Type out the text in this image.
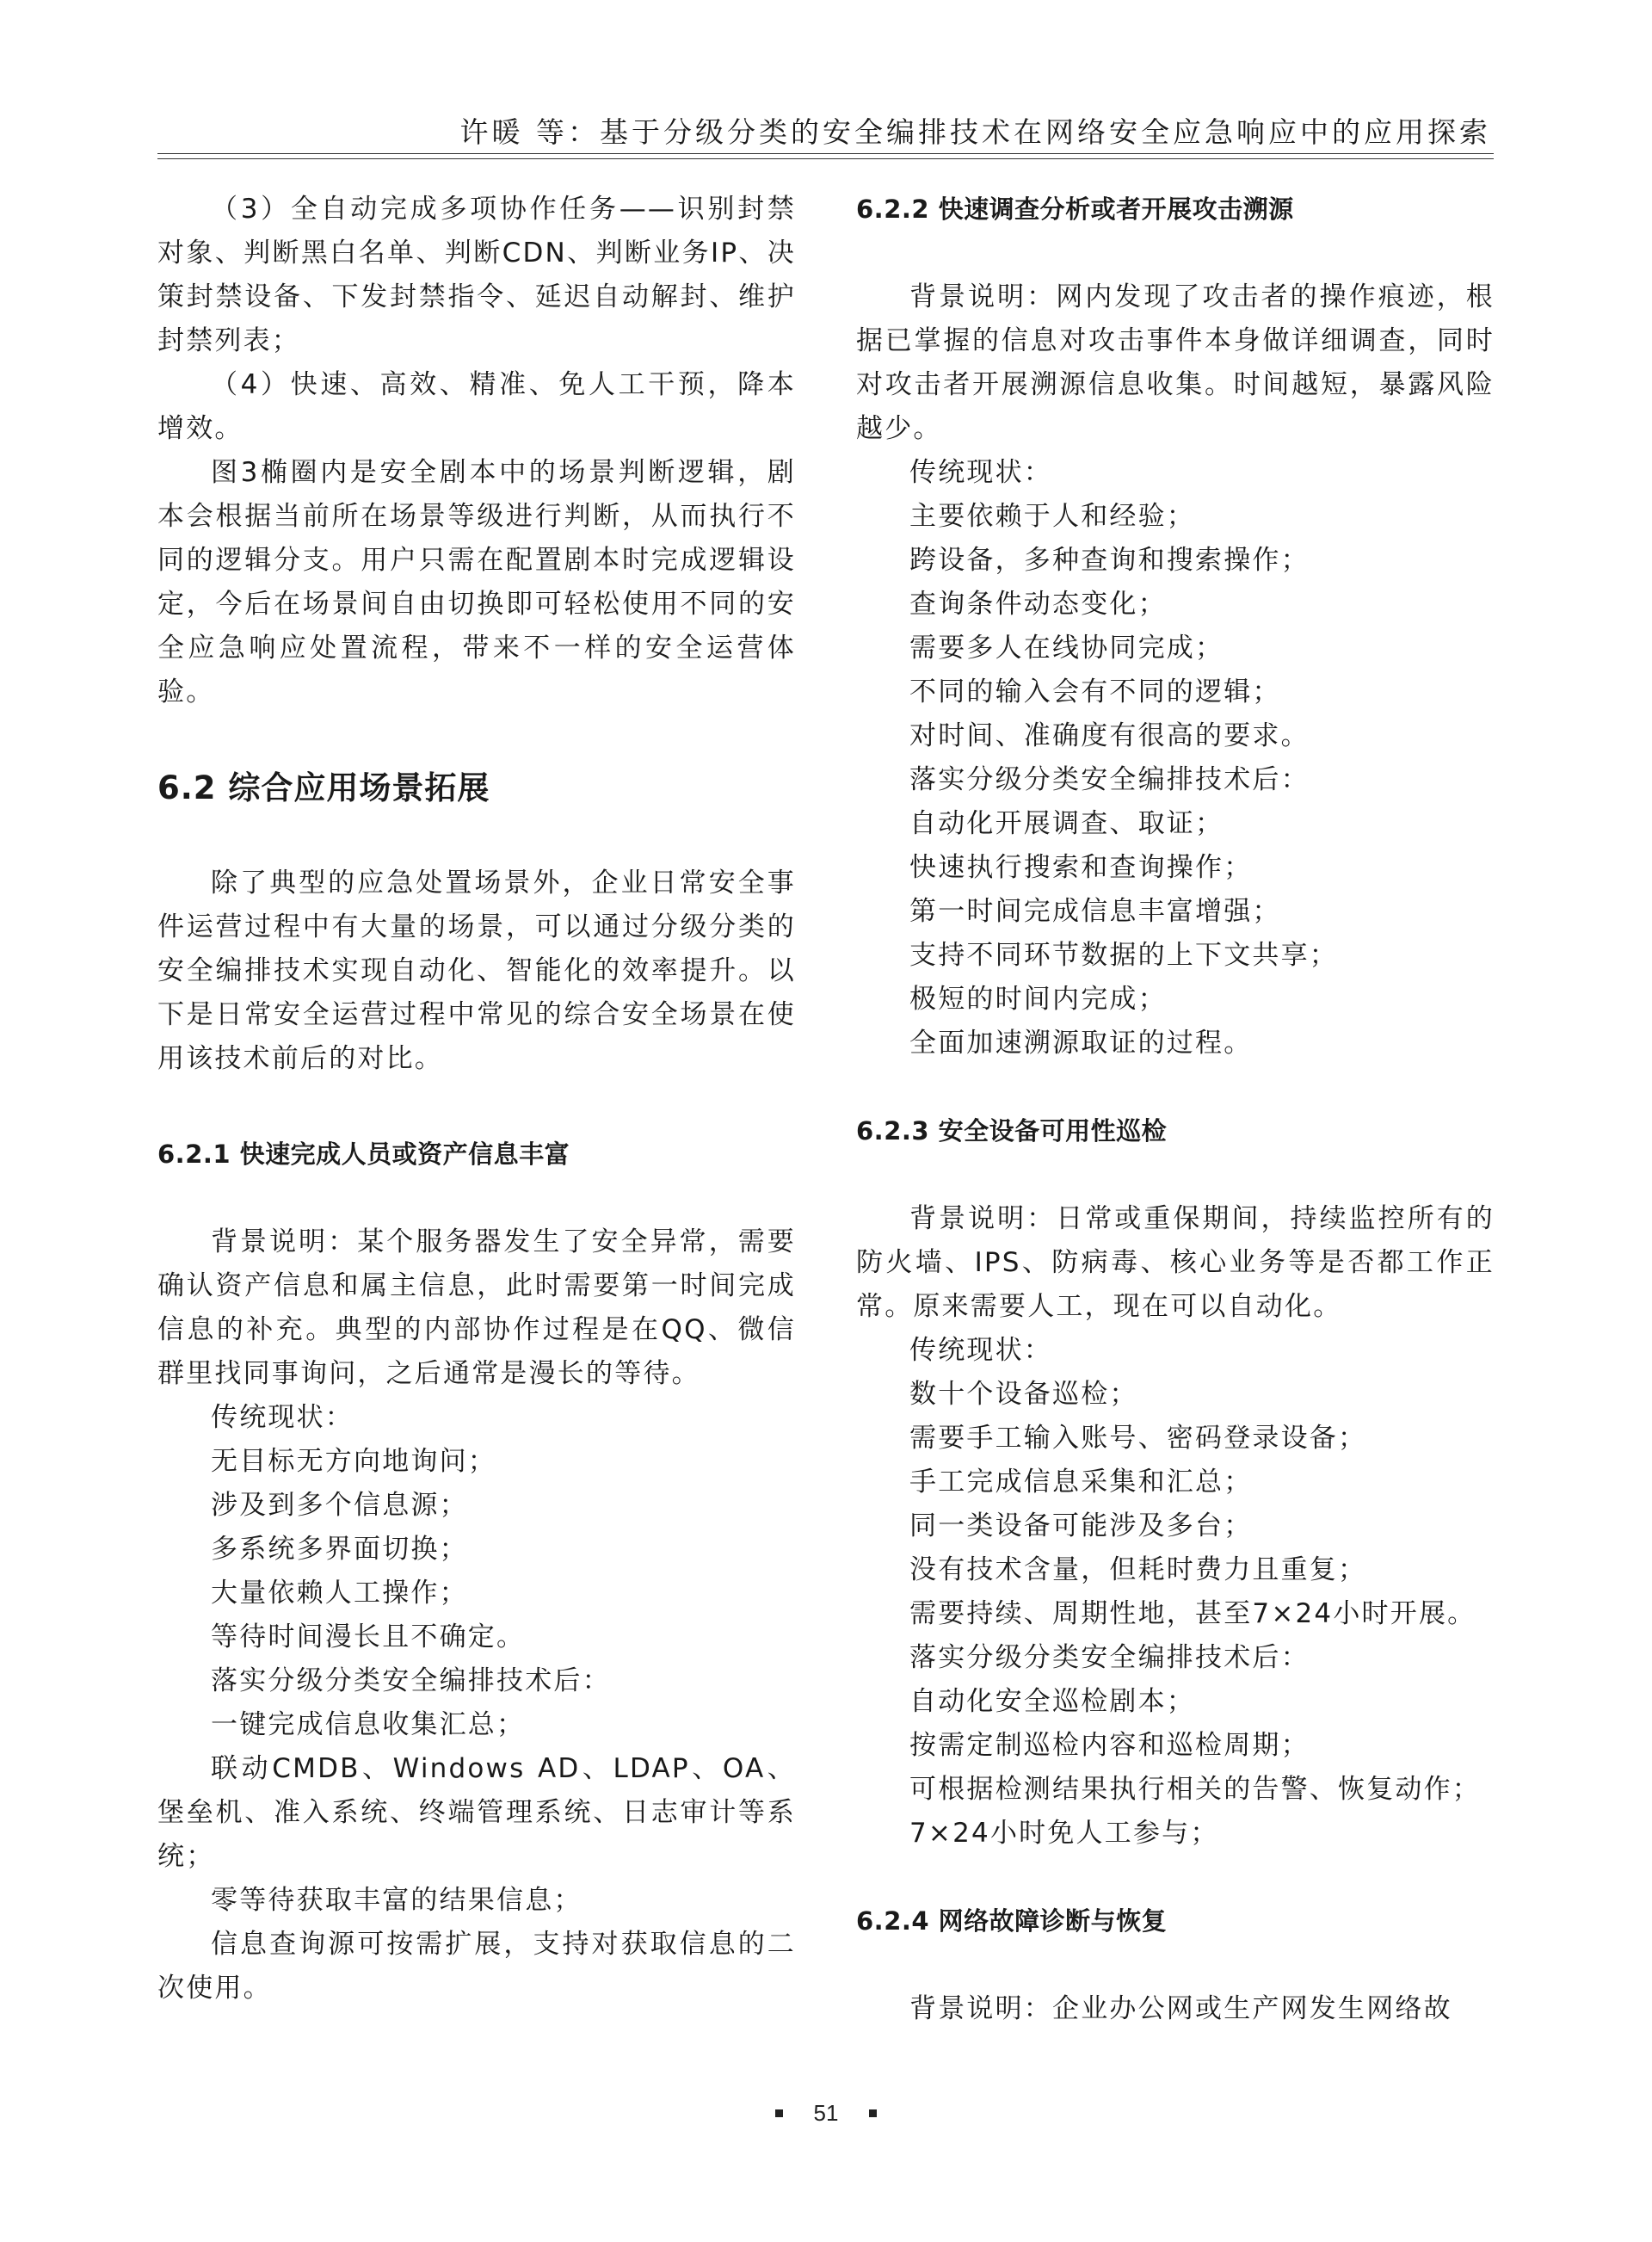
许暖 等：基于分级分类的安全编排技术在网络安全应急响应中的应用探索

（3）全自动完成多项协作任务——识别封禁对象、判断黑白名单、判断CDN、判断业务IP、决策封禁设备、下发封禁指令、延迟自动解封、维护封禁列表；

（4）快速、高效、精准、免人工干预，降本增效。

图3椭圈内是安全剧本中的场景判断逻辑，剧本会根据当前所在场景等级进行判断，从而执行不同的逻辑分支。用户只需在配置剧本时完成逻辑设定，今后在场景间自由切换即可轻松使用不同的安全应急响应处置流程，带来不一样的安全运营体验。

6.2 综合应用场景拓展

除了典型的应急处置场景外，企业日常安全事件运营过程中有大量的场景，可以通过分级分类的安全编排技术实现自动化、智能化的效率提升。以下是日常安全运营过程中常见的综合安全场景在使用该技术前后的对比。

6.2.1 快速完成人员或资产信息丰富

背景说明：某个服务器发生了安全异常，需要确认资产信息和属主信息，此时需要第一时间完成信息的补充。典型的内部协作过程是在QQ、微信群里找同事询问，之后通常是漫长的等待。

传统现状：

无目标无方向地询问；

涉及到多个信息源；

多系统多界面切换；

大量依赖人工操作；

等待时间漫长且不确定。

落实分级分类安全编排技术后：

一键完成信息收集汇总；

联动CMDB、Windows AD、LDAP、OA、堡垒机、准入系统、终端管理系统、日志审计等系统；

零等待获取丰富的结果信息；

信息查询源可按需扩展，支持对获取信息的二次使用。

6.2.2 快速调查分析或者开展攻击溯源

背景说明：网内发现了攻击者的操作痕迹，根据已掌握的信息对攻击事件本身做详细调查，同时对攻击者开展溯源信息收集。时间越短，暴露风险越少。

传统现状：

主要依赖于人和经验；

跨设备，多种查询和搜索操作；

查询条件动态变化；

需要多人在线协同完成；

不同的输入会有不同的逻辑；

对时间、准确度有很高的要求。

落实分级分类安全编排技术后：

自动化开展调查、取证；

快速执行搜索和查询操作；

第一时间完成信息丰富增强；

支持不同环节数据的上下文共享；

极短的时间内完成；

全面加速溯源取证的过程。

6.2.3 安全设备可用性巡检

背景说明：日常或重保期间，持续监控所有的防火墙、IPS、防病毒、核心业务等是否都工作正常。原来需要人工，现在可以自动化。

传统现状：

数十个设备巡检；

需要手工输入账号、密码登录设备；

手工完成信息采集和汇总；

同一类设备可能涉及多台；

没有技术含量，但耗时费力且重复；

需要持续、周期性地，甚至7×24小时开展。

落实分级分类安全编排技术后：

自动化安全巡检剧本；

按需定制巡检内容和巡检周期；

可根据检测结果执行相关的告警、恢复动作；

7×24小时免人工参与；

6.2.4 网络故障诊断与恢复

背景说明：企业办公网或生产网发生网络故

51
